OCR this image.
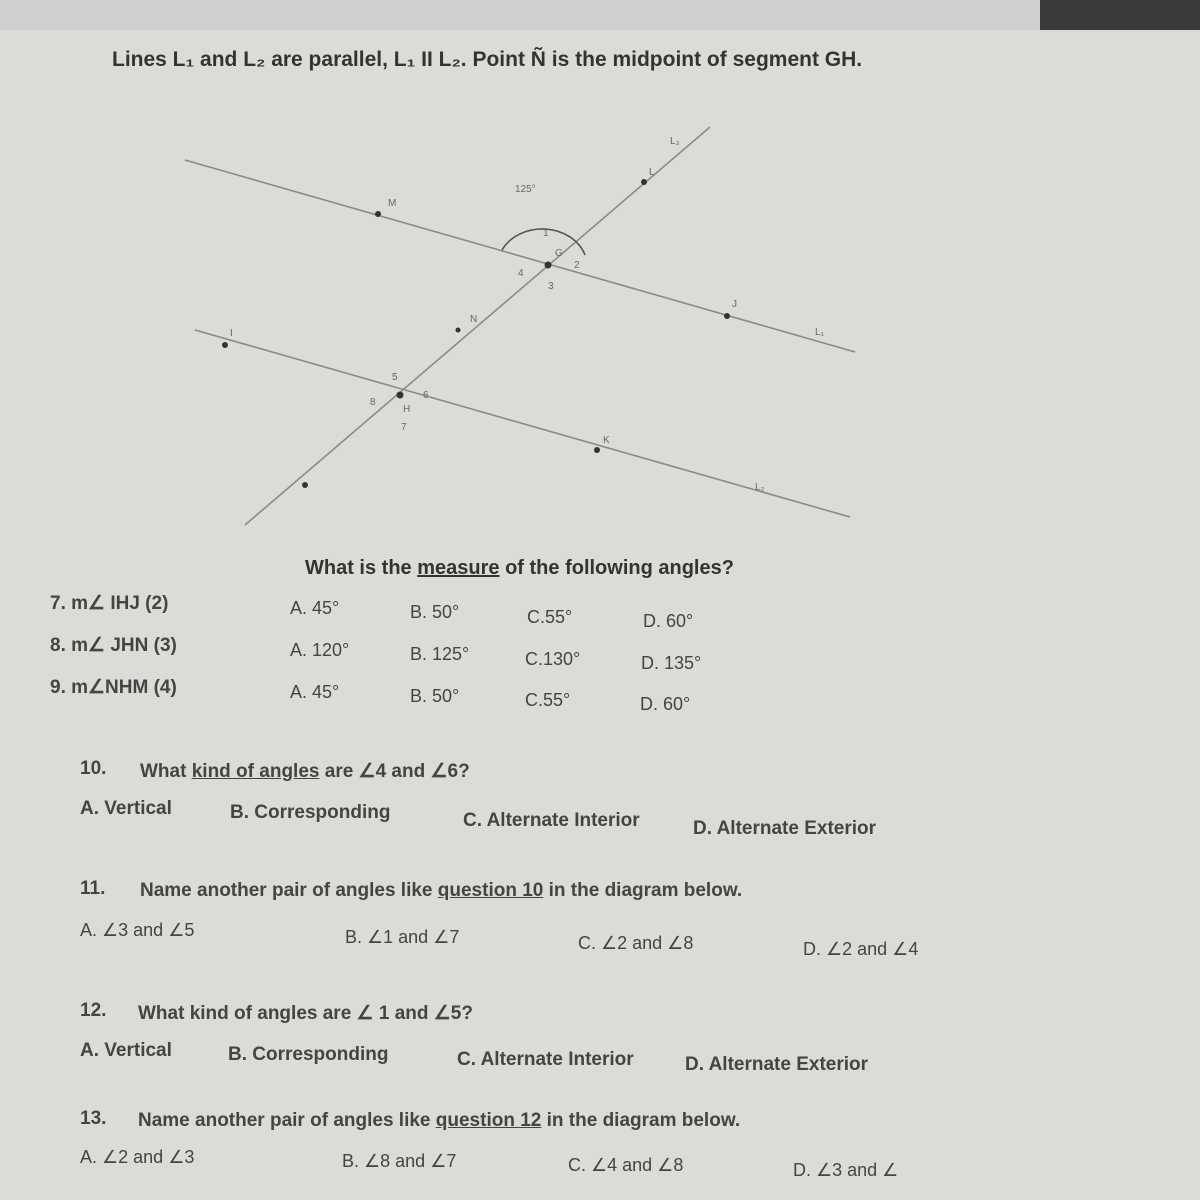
Lines L₁ and L₂ are parallel, L₁ II L₂. Point Ñ is the midpoint of segment GH.
125°
L₃
L₁
L₂
M
G
N
H
I
J
K
L
1
2
3
4
5
6
7
8
What is the measure of the following angles?
7. m∠ IHJ (2)	A. 45°	B. 50°	C.55°	D. 60°
8. m∠ JHN (3)	A. 120°	B. 125°	C.130°	D. 135°
9. m∠NHM (4)	A. 45°	B. 50°	C.55°	D. 60°
10. What kind of angles are ∠4 and ∠6?
A. Vertical	B. Corresponding	C. Alternate Interior	D. Alternate Exterior
11. Name another pair of angles like question 10 in the diagram below.
A. ∠3 and ∠5	B. ∠1 and ∠7	C. ∠2 and ∠8	D. ∠2 and ∠4
12. What kind of angles are ∠ 1 and ∠5?
A. Vertical	B. Corresponding	C. Alternate Interior	D. Alternate Exterior
13. Name another pair of angles like question 12 in the diagram below.
A. ∠2 and ∠3	B. ∠8 and ∠7	C. ∠4 and ∠8	D. ∠3 and ∠
